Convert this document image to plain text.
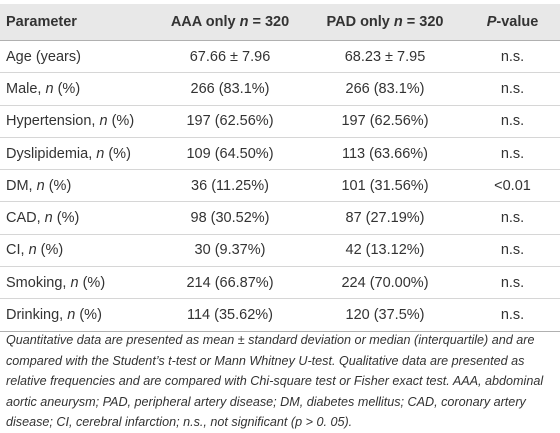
Parameter	AAA only n = 320	PAD only n = 320	P-value
Age (years)	67.66 ± 7.96	68.23 ± 7.95	n.s.
Male, n (%)	266 (83.1%)	266 (83.1%)	n.s.
Hypertension, n (%)	197 (62.56%)	197 (62.56%)	n.s.
Dyslipidemia, n (%)	109 (64.50%)	113 (63.66%)	n.s.
DM, n (%)	36 (11.25%)	101 (31.56%)	<0.01
CAD, n (%)	98 (30.52%)	87 (27.19%)	n.s.
CI, n (%)	30 (9.37%)	42 (13.12%)	n.s.
Smoking, n (%)	214 (66.87%)	224 (70.00%)	n.s.
Drinking, n (%)	114 (35.62%)	120 (37.5%)	n.s.
Quantitative data are presented as mean ± standard deviation or median (interquartile) and are compared with the Student’s t-test or Mann Whitney U-test. Qualitative data are presented as relative frequencies and are compared with Chi-square test or Fisher exact test. AAA, abdominal aortic aneurysm; PAD, peripheral artery disease; DM, diabetes mellitus; CAD, coronary artery disease; CI, cerebral infarction; n.s., not significant (p > 0. 05).
